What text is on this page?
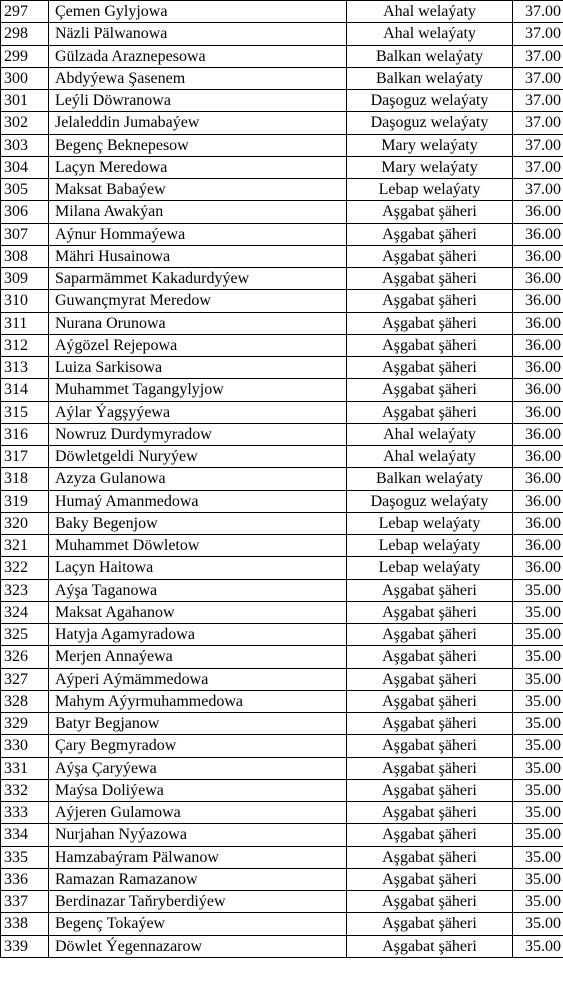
297	Çemen Gylyjowa	Ahal welaýaty	37.00
298	Näzli Pälwanowa	Ahal welaýaty	37.00
299	Gülzada Araznepesowa	Balkan welaýaty	37.00
300	Abdyýewa Şasenem	Balkan welaýaty	37.00
301	Leýli Döwranowa	Daşoguz welaýaty	37.00
302	Jelaleddin Jumabaýew	Daşoguz welaýaty	37.00
303	Begenç Beknepesow	Mary welaýaty	37.00
304	Laçyn Meredowa	Mary welaýaty	37.00
305	Maksat Babaýew	Lebap welaýaty	37.00
306	Milana Awakýan	Aşgabat şäheri	36.00
307	Aýnur Hommaýewa	Aşgabat şäheri	36.00
308	Mähri Husainowa	Aşgabat şäheri	36.00
309	Saparmämmet Kakadurdyýew	Aşgabat şäheri	36.00
310	Guwançmyrat Meredow	Aşgabat şäheri	36.00
311	Nurana Orunowa	Aşgabat şäheri	36.00
312	Aýgözel Rejepowa	Aşgabat şäheri	36.00
313	Luiza Sarkisowa	Aşgabat şäheri	36.00
314	Muhammet Tagangylyjow	Aşgabat şäheri	36.00
315	Aýlar Ýagşyýewa	Aşgabat şäheri	36.00
316	Nowruz Durdymyradow	Ahal welaýaty	36.00
317	Döwletgeldi Nuryýew	Ahal welaýaty	36.00
318	Azyza Gulanowa	Balkan welaýaty	36.00
319	Humaý Amanmedowa	Daşoguz welaýaty	36.00
320	Baky Begenjow	Lebap welaýaty	36.00
321	Muhammet Döwletow	Lebap welaýaty	36.00
322	Laçyn Haitowa	Lebap welaýaty	36.00
323	Aýşa Taganowa	Aşgabat şäheri	35.00
324	Maksat Agahanow	Aşgabat şäheri	35.00
325	Hatyja Agamyradowa	Aşgabat şäheri	35.00
326	Merjen Annaýewa	Aşgabat şäheri	35.00
327	Aýperi Aýmämmedowa	Aşgabat şäheri	35.00
328	Mahym Aýyrmuhammedowa	Aşgabat şäheri	35.00
329	Batyr Begjanow	Aşgabat şäheri	35.00
330	Çary Begmyradow	Aşgabat şäheri	35.00
331	Aýşa Çaryýewa	Aşgabat şäheri	35.00
332	Maýsa Doliýewa	Aşgabat şäheri	35.00
333	Aýjeren Gulamowa	Aşgabat şäheri	35.00
334	Nurjahan Nyýazowa	Aşgabat şäheri	35.00
335	Hamzabaýram Pälwanow	Aşgabat şäheri	35.00
336	Ramazan Ramazanow	Aşgabat şäheri	35.00
337	Berdinazar Taňryberdiýew	Aşgabat şäheri	35.00
338	Begenç Tokaýew	Aşgabat şäheri	35.00
339	Döwlet Ýegennazarow	Aşgabat şäheri	35.00
